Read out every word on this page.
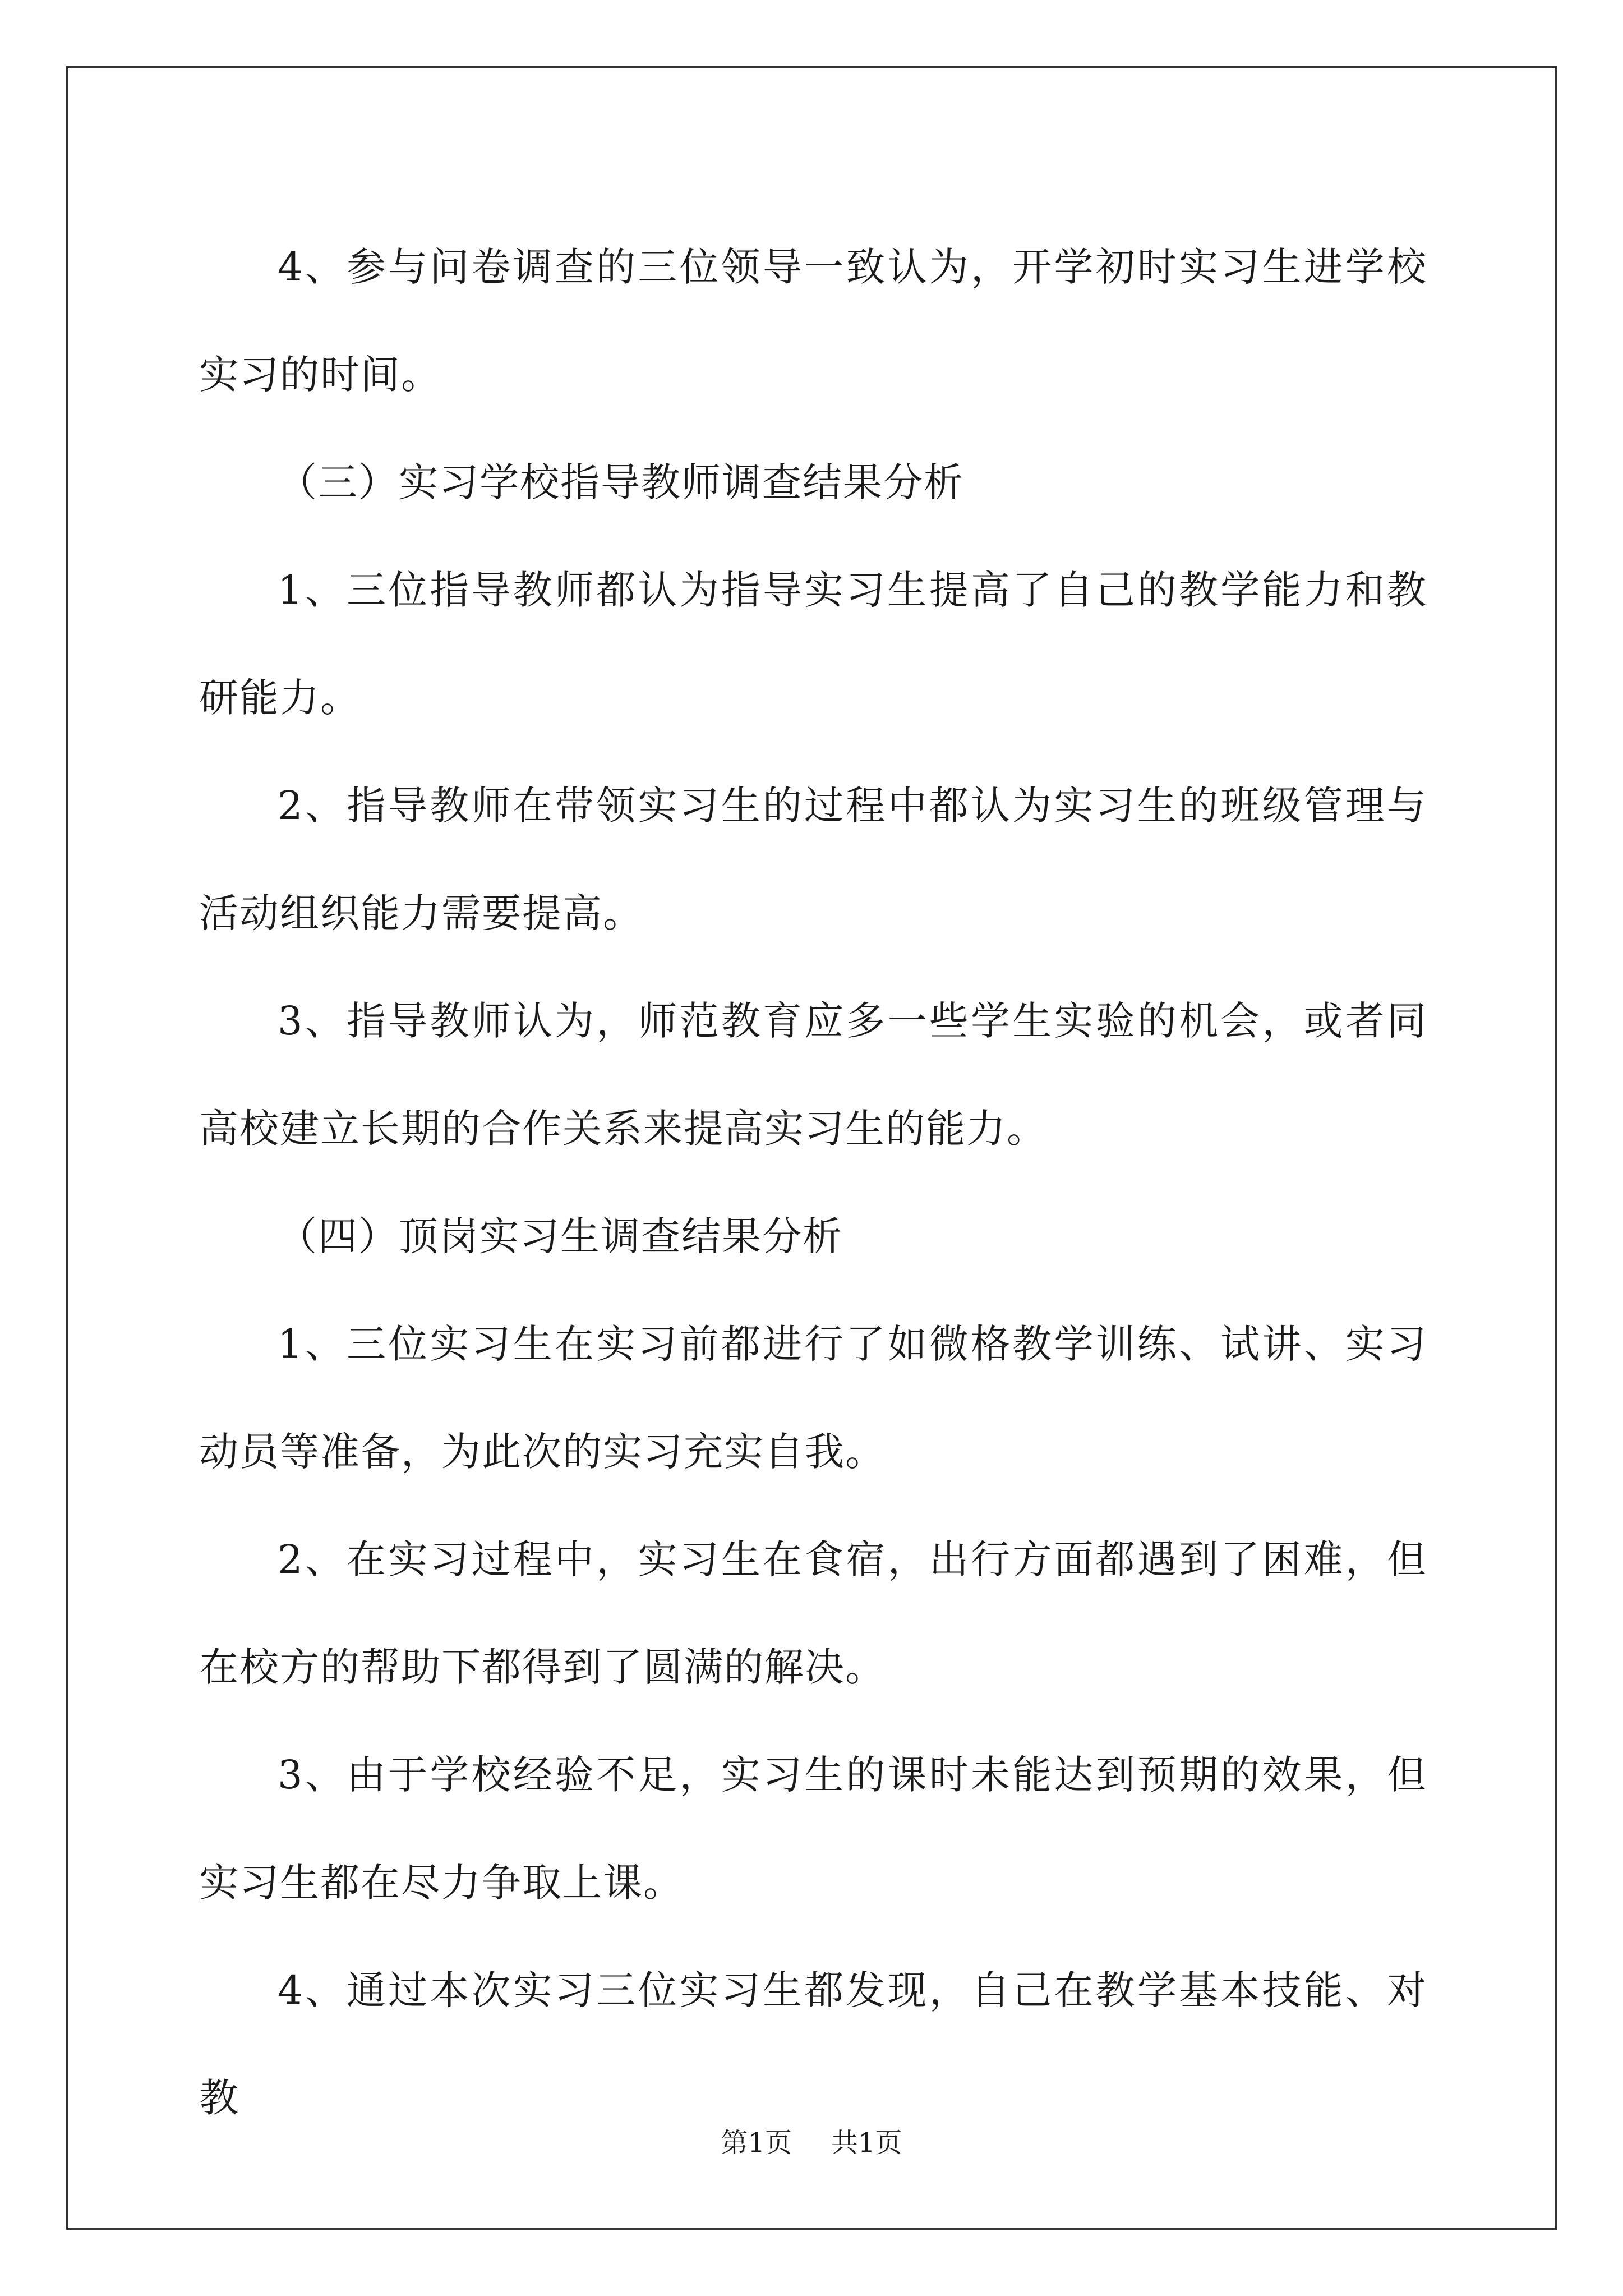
4、参与问卷调查的三位领导一致认为，开学初时实习生进学校实习的时间。

（三）实习学校指导教师调查结果分析

1、三位指导教师都认为指导实习生提高了自己的教学能力和教研能力。

2、指导教师在带领实习生的过程中都认为实习生的班级管理与活动组织能力需要提高。

3、指导教师认为，师范教育应多一些学生实验的机会，或者同高校建立长期的合作关系来提高实习生的能力。

（四）顶岗实习生调查结果分析

1、三位实习生在实习前都进行了如微格教学训练、试讲、实习动员等准备，为此次的实习充实自我。

2、在实习过程中，实习生在食宿，出行方面都遇到了困难，但在校方的帮助下都得到了圆满的解决。

3、由于学校经验不足，实习生的课时未能达到预期的效果，但实习生都在尽力争取上课。

4、通过本次实习三位实习生都发现，自己在教学基本技能、对教

第1页 共1页
